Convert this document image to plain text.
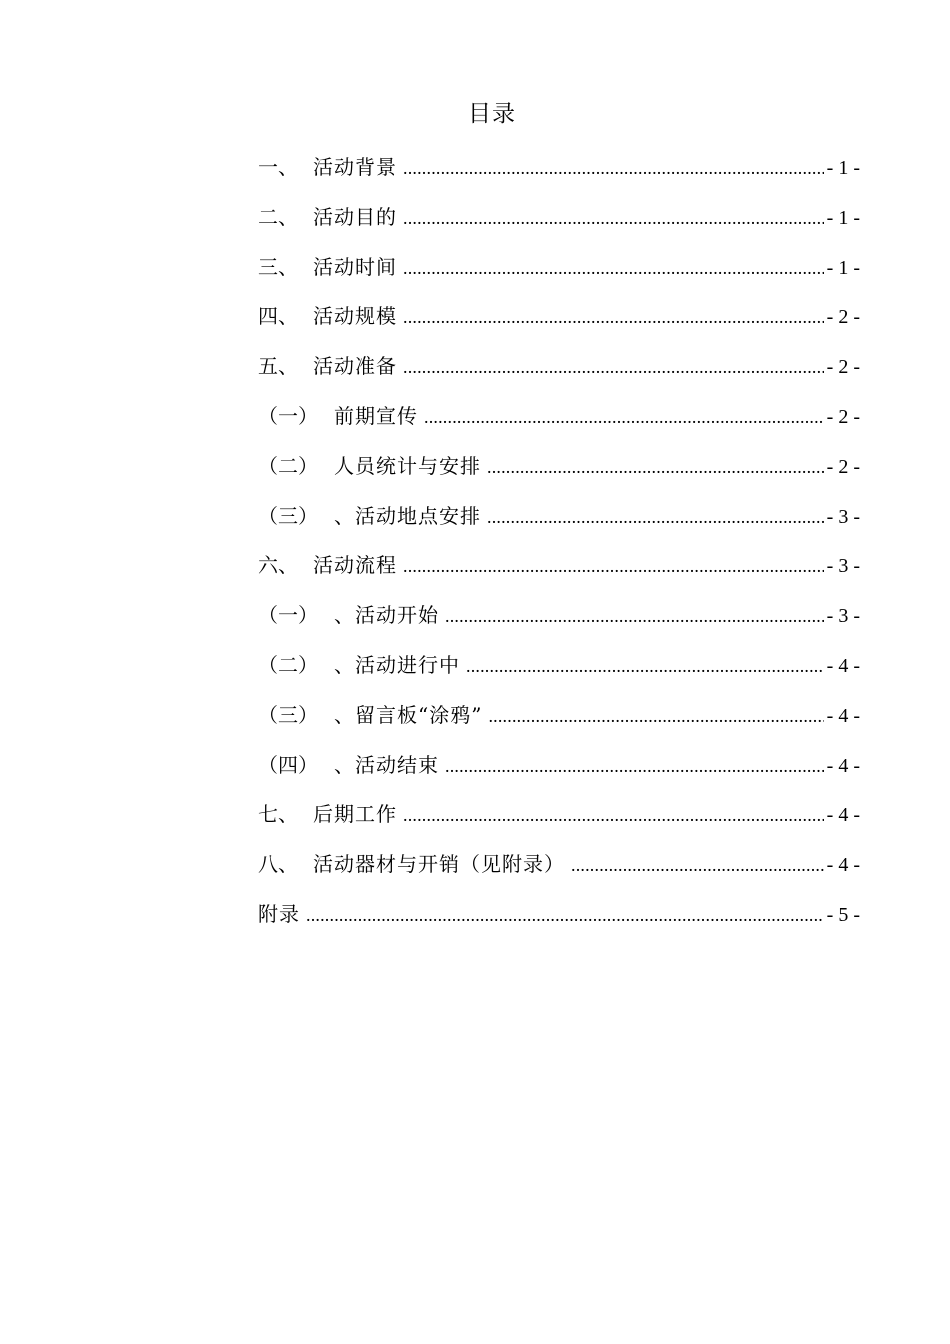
目录
一、 活动背景 .....	- 1 -
二、 活动目的 .....	- 1 -
三、 活动时间 .....	- 1 -
四、 活动规模 .....	- 2 -
五、 活动准备 .....	- 2 -
（一） 前期宣传 .....	- 2 -
（二） 人员统计与安排 .....	- 2 -
（三） 、活动地点安排 .....	- 3 -
六、 活动流程 .....	- 3 -
（一） 、活动开始 .....	- 3 -
（二） 、活动进行中 .....	- 4 -
（三） 、留言板“涂鸦” .....	- 4 -
（四） 、活动结束 .....	- 4 -
七、 后期工作 .....	- 4 -
八、 活动器材与开销（见附录） .....	- 4 -
附录 .....	- 5 -
